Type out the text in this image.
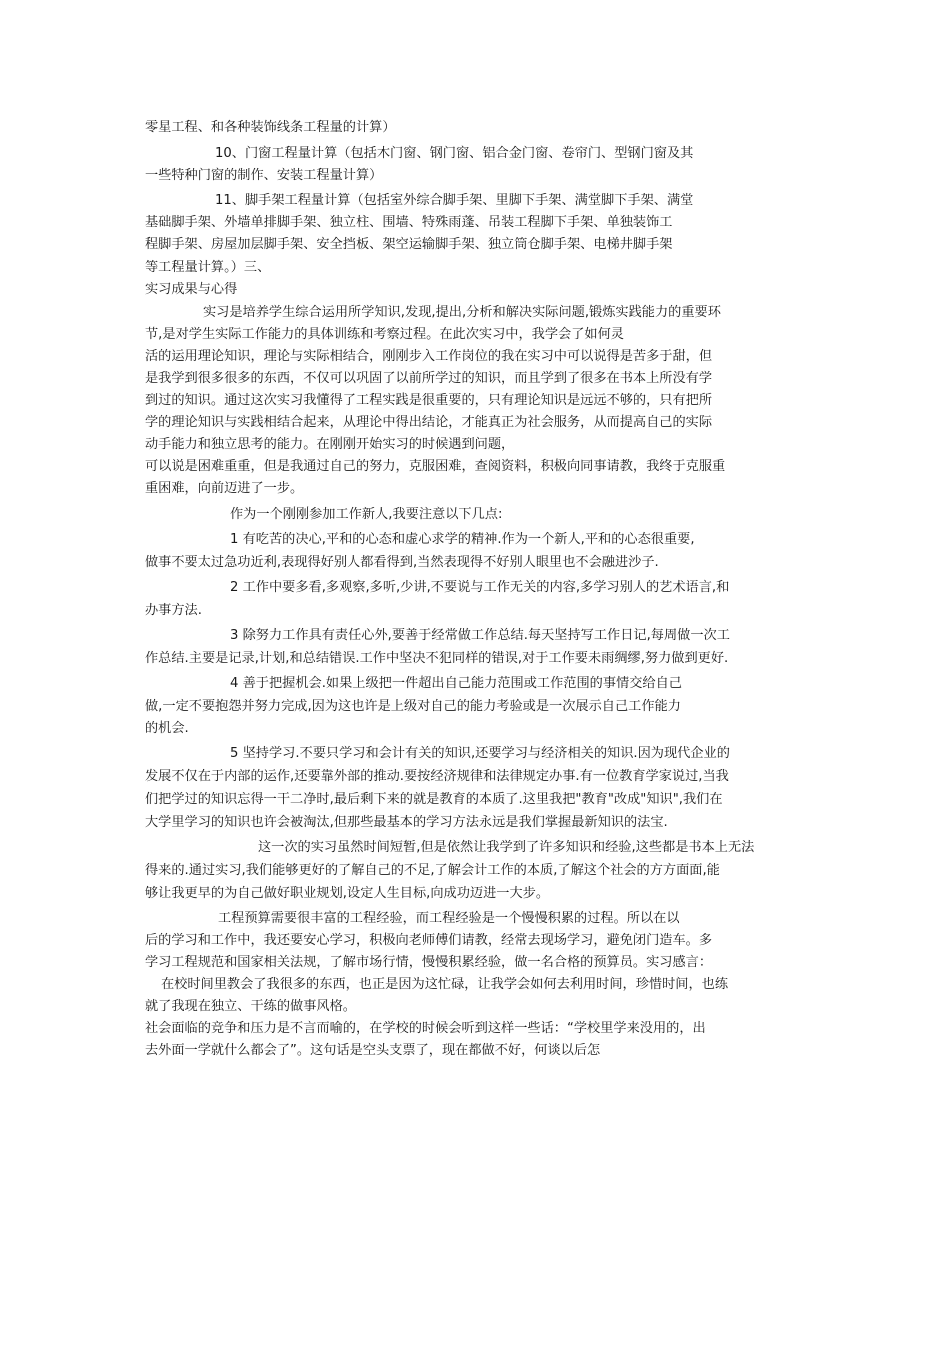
零星工程、和各种装饰线条工程量的计算）
10、门窗工程量计算（包括木门窗、钢门窗、铝合金门窗、卷帘门、型钢门窗及其
一些特种门窗的制作、安装工程量计算）
11、脚手架工程量计算（包括室外综合脚手架、里脚下手架、满堂脚下手架、满堂
基础脚手架、外墙单排脚手架、独立柱、围墙、特殊雨蓬、吊装工程脚下手架、单独装饰工
程脚手架、房屋加层脚手架、安全挡板、架空运输脚手架、独立筒仓脚手架、电梯井脚手架
等工程量计算。）三、
实习成果与心得
实习是培养学生综合运用所学知识,发现,提出,分析和解决实际问题,锻炼实践能力的重要环
节,是对学生实际工作能力的具体训练和考察过程。在此次实习中，我学会了如何灵
活的运用理论知识，理论与实际相结合，刚刚步入工作岗位的我在实习中可以说得是苦多于甜，但
是我学到很多很多的东西，不仅可以巩固了以前所学过的知识，而且学到了很多在书本上所没有学
到过的知识。通过这次实习我懂得了工程实践是很重要的，只有理论知识是远远不够的，只有把所
学的理论知识与实践相结合起来，从理论中得出结论，才能真正为社会服务，从而提高自己的实际
动手能力和独立思考的能力。在刚刚开始实习的时候遇到问题，
可以说是困难重重，但是我通过自己的努力，克服困难，查阅资料，积极向同事请教，我终于克服重
重困难，向前迈进了一步。
作为一个刚刚参加工作新人,我要注意以下几点:
1 有吃苦的决心,平和的心态和虚心求学的精神.作为一个新人,平和的心态很重要,
做事不要太过急功近利,表现得好别人都看得到,当然表现得不好别人眼里也不会融进沙子.
2 工作中要多看,多观察,多听,少讲,不要说与工作无关的内容,多学习别人的艺术语言,和
办事方法.
3 除努力工作具有责任心外,要善于经常做工作总结.每天坚持写工作日记,每周做一次工
作总结.主要是记录,计划,和总结错误.工作中坚决不犯同样的错误,对于工作要未雨绸缪,努力做到更好.
4 善于把握机会.如果上级把一件超出自己能力范围或工作范围的事情交给自己
做,一定不要抱怨并努力完成,因为这也许是上级对自己的能力考验或是一次展示自己工作能力
的机会.
5 坚持学习.不要只学习和会计有关的知识,还要学习与经济相关的知识.因为现代企业的
发展不仅在于内部的运作,还要靠外部的推动.要按经济规律和法律规定办事.有一位教育学家说过,当我
们把学过的知识忘得一干二净时,最后剩下来的就是教育的本质了.这里我把"教育"改成"知识",我们在
大学里学习的知识也许会被淘汰,但那些最基本的学习方法永远是我们掌握最新知识的法宝.
这一次的实习虽然时间短暂,但是依然让我学到了许多知识和经验,这些都是书本上无法
得来的.通过实习,我们能够更好的了解自己的不足,了解会计工作的本质,了解这个社会的方方面面,能
够让我更早的为自己做好职业规划,设定人生目标,向成功迈进一大步。
工程预算需要很丰富的工程经验，而工程经验是一个慢慢积累的过程。所以在以
后的学习和工作中，我还要安心学习，积极向老师傅们请教，经常去现场学习，避免闭门造车。多
学习工程规范和国家相关法规，了解市场行情，慢慢积累经验，做一名合格的预算员。实习感言：
在校时间里教会了我很多的东西，也正是因为这忙碌，让我学会如何去利用时间，珍惜时间，也练
就了我现在独立、干练的做事风格。
社会面临的竞争和压力是不言而喻的，在学校的时候会听到这样一些话：“学校里学来没用的，出
去外面一学就什么都会了”。这句话是空头支票了，现在都做不好，何谈以后怎
